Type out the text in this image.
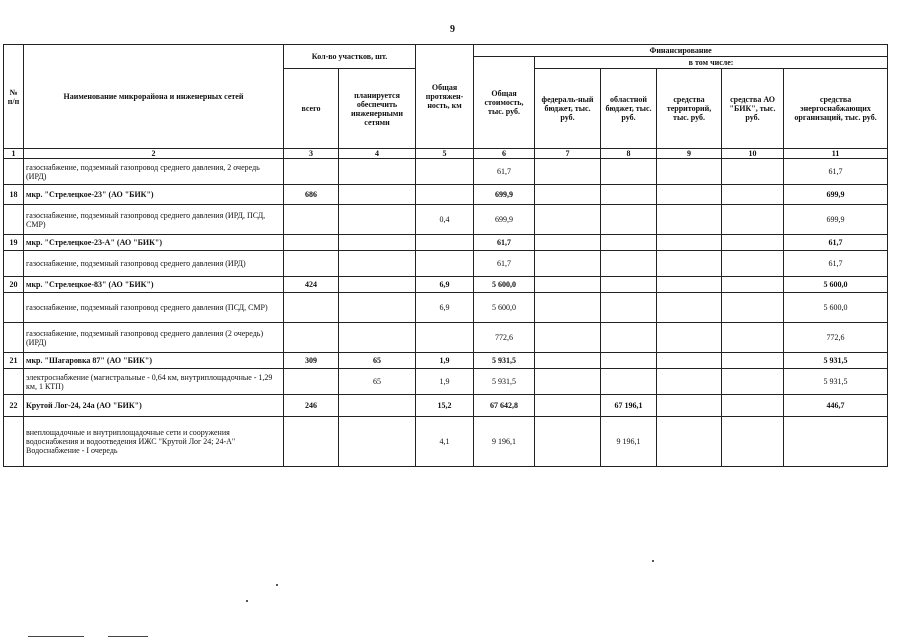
9
№ п/п	Наименование микрорайона и инженерных сетей	Кол-во участков, шт.		Общая протяжен-ность, км	Финансирование					
					Общая стоимость, тыс. руб.	в том числе:				
		всего	планируется обеспечить инженерными сетями			федераль-ный бюджет, тыс. руб.	областной бюджет, тыс. руб.	средства территорий, тыс. руб.	средства АО "БИК", тыс. руб.	средства энергоснабжающих организаций, тыс. руб.
1	2	3	4	5	6	7	8	9	10	11
	газоснабжение, подземный газопровод среднего давления, 2 очередь (ИРД)				61,7					61,7
18	мкр. "Стрелецкое-23" (АО "БИК")	686			699,9					699,9
	газоснабжение, подземный газопровод среднего давления (ИРД, ПСД, СМР)			0,4	699,9					699,9
19	мкр. "Стрелецкое-23-А" (АО "БИК")				61,7					61,7
	газоснабжение, подземный газопровод среднего давления (ИРД)				61,7					61,7
20	мкр. "Стрелецкое-83" (АО "БИК")	424		6,9	5 600,0					5 600,0
	газоснабжение, подземный газопровод среднего давления (ПСД, СМР)			6,9	5 600,0					5 600,0
	газоснабжение, подземный газопровод среднего давления (2 очередь) (ИРД)				772,6					772,6
21	мкр. "Шагаровка 87" (АО "БИК")	309	65	1,9	5 931,5					5 931,5
	электроснабжение (магистральные - 0,64 км, внутриплощадочные - 1,29 км, 1 КТП)		65	1,9	5 931,5					5 931,5
22	Крутой Лог-24, 24а (АО "БИК")	246		15,2	67 642,8		67 196,1			446,7
	внеплощадочные и внутриплощадочные сети и сооружения водоснабжения и водоотведения ИЖС "Крутой Лог 24; 24-А" Водоснабжение - I очередь			4,1	9 196,1		9 196,1			
